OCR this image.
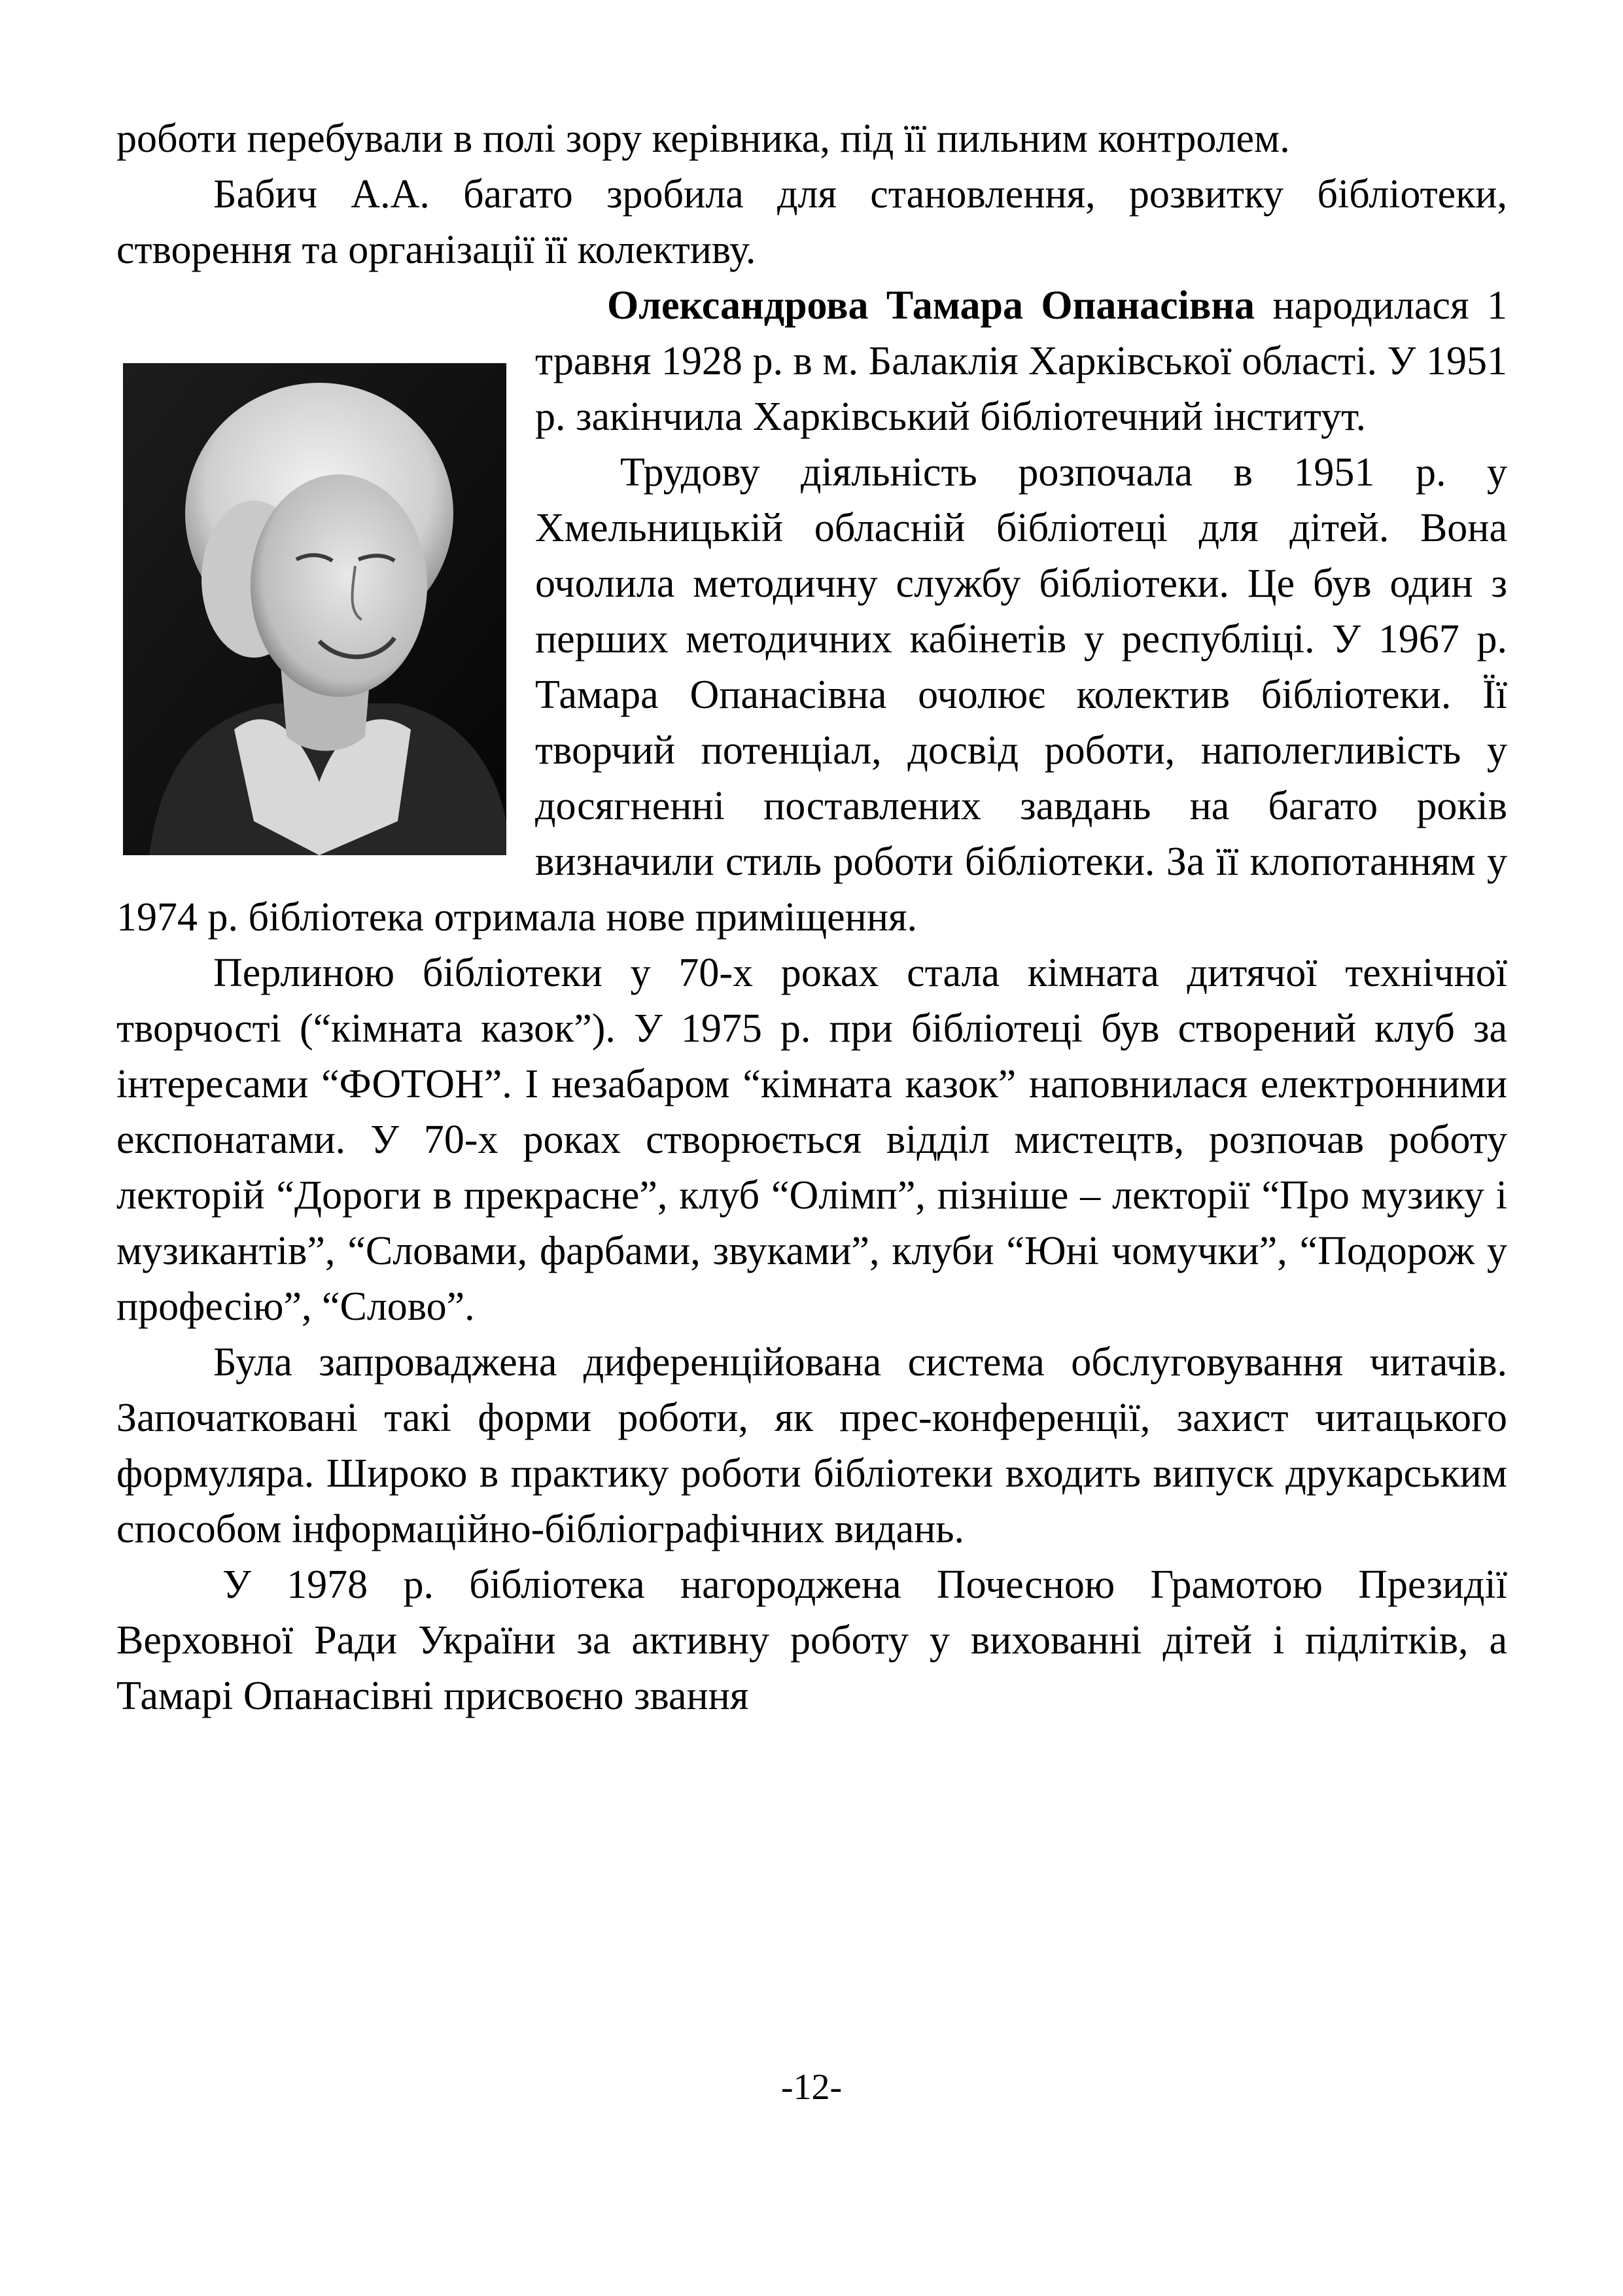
роботи перебували в полі зору керівника, під її пильним контролем.

Бабич А.А. багато зробила для становлення, розвитку бібліотеки, створення та організації її колективу.

Олександрова Тамара Опанасівна народилася 1 травня 1928 р. в м. Балаклія Харківської області. У 1951 р. закінчила Харківський бібліотечний інститут.

Трудову діяльність розпочала в 1951 р. у Хмельницькій обласній бібліотеці для дітей. Вона очолила методичну службу бібліотеки. Це був один з перших методичних кабінетів у республіці. У 1967 р. Тамара Опанасівна очолює колектив бібліотеки. Її творчий потенціал, досвід роботи, наполегливість у досягненні поставлених завдань на багато років визначили стиль роботи бібліотеки. За її клопотанням у 1974 р. бібліотека отримала нове приміщення.

Перлиною бібліотеки у 70-х роках стала кімната дитячої технічної творчості (“кімната казок”). У 1975 р. при бібліотеці був створений клуб за інтересами “ФОТОН”. І незабаром “кімната казок” наповнилася електронними експонатами. У 70-х роках створюється відділ мистецтв, розпочав роботу лекторій “Дороги в прекрасне”, клуб “Олімп”, пізніше – лекторії “Про музику і музикантів”, “Словами, фарбами, звуками”, клуби “Юні чомучки”, “Подорож у професію”, “Слово”.

Була запроваджена диференційована система обслуговування читачів. Започатковані такі форми роботи, як прес-конференції, захист читацького формуляра. Широко в практику роботи бібліотеки входить випуск друкарським способом інформаційно-бібліографічних видань.

У 1978 р. бібліотека нагороджена Почесною Грамотою Президії Верховної Ради України за активну роботу у вихованні дітей і підлітків, а Тамарі Опанасівні присвоєно звання

-12-
